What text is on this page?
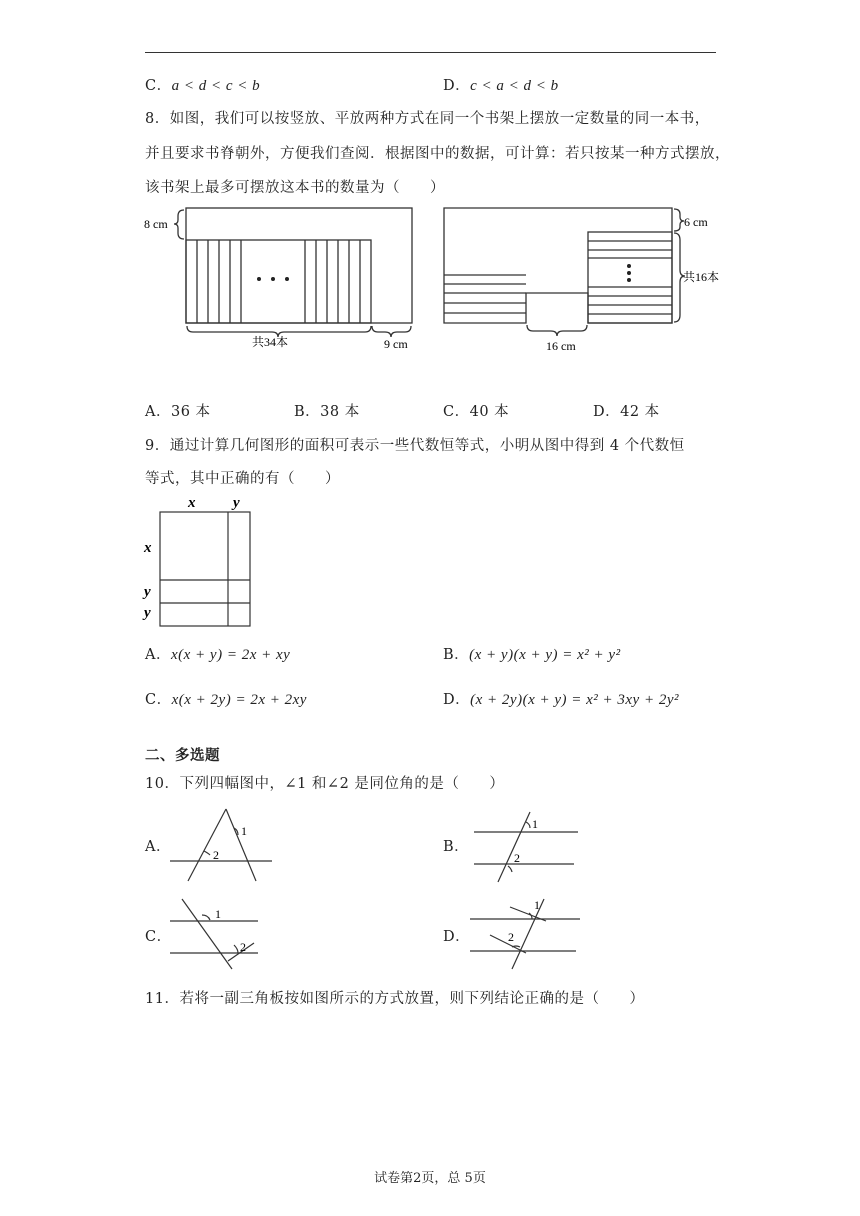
C．a < d < c < b	D．c < a < d < b
8．如图，我们可以按竖放、平放两种方式在同一个书架上摆放一定数量的同一本书，
并且要求书脊朝外，方便我们查阅．根据图中的数据，可计算：若只按某一种方式摆放，
该书架上最多可摆放这本书的数量为（　　）
8 cm
共34本	9 cm
6 cm
共16本
16 cm
A．36 本	B．38 本	C．40 本	D．42 本
9．通过计算几何图形的面积可表示一些代数恒等式，小明从图中得到 4 个代数恒
等式，其中正确的有（　　）
x	y
x
y
y
A．x(x + y) = 2x + xy	B．(x + y)(x + y) = x² + y²
C．x(x + 2y) = 2x + 2xy	D．(x + 2y)(x + y) = x² + 3xy + 2y²
二、多选题
10．下列四幅图中，∠1 和∠2 是同位角的是（　　）
A．
1
2	B．
1
2
C．
1
2
D．
1
2
11．若将一副三角板按如图所示的方式放置，则下列结论正确的是（　　）
试卷第2页，总 5页
